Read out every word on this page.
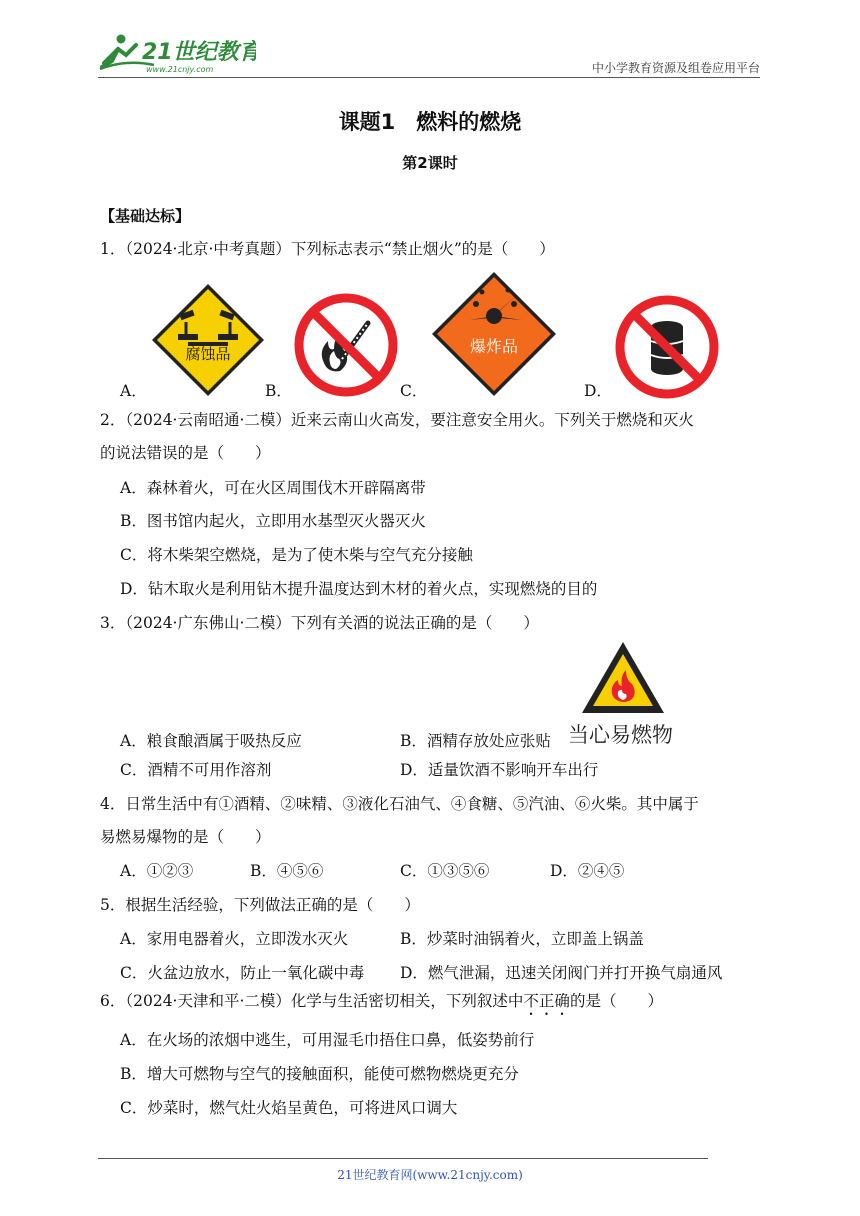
21世纪教育
www.21cnjy.com	中小学教育资源及组卷应用平台
课题1　燃料的燃烧
第2课时
【基础达标】
1．（2024·北京·中考真题）下列标志表示“禁止烟火”的是（　　）
腐蚀品	爆炸品
A．	B．	C．	D．
2．（2024·云南昭通·二模）近来云南山火高发，要注意安全用火。下列关于燃烧和灭火
的说法错误的是（　　）
A．森林着火，可在火区周围伐木开辟隔离带
B．图书馆内起火，立即用水基型灭火器灭火
C．将木柴架空燃烧，是为了使木柴与空气充分接触
D．钻木取火是利用钻木提升温度达到木材的着火点，实现燃烧的目的
3．（2024·广东佛山·二模）下列有关酒的说法正确的是（　　）
当心易燃物
A．粮食酿酒属于吸热反应	B．酒精存放处应张贴
C．酒精不可用作溶剂	D．适量饮酒不影响开车出行
4．日常生活中有①酒精、②味精、③液化石油气、④食糖、⑤汽油、⑥火柴。其中属于
易燃易爆物的是（　　）
A．①②③	B．④⑤⑥	C．①③⑤⑥	D．②④⑤
5．根据生活经验，下列做法正确的是（　　）
A．家用电器着火，立即泼水灭火	B．炒菜时油锅着火，立即盖上锅盖
C．火盆边放水，防止一氧化碳中毒 D．燃气泄漏，迅速关闭阀门并打开换气扇通风
6．（2024·天津和平·二模）化学与生活密切相关，下列叙述中不正确的是（　　）
A．在火场的浓烟中逃生，可用湿毛巾捂住口鼻，低姿势前行
B．增大可燃物与空气的接触面积，能使可燃物燃烧更充分
C．炒菜时，燃气灶火焰呈黄色，可将进风口调大
21世纪教育网(www.21cnjy.com)
